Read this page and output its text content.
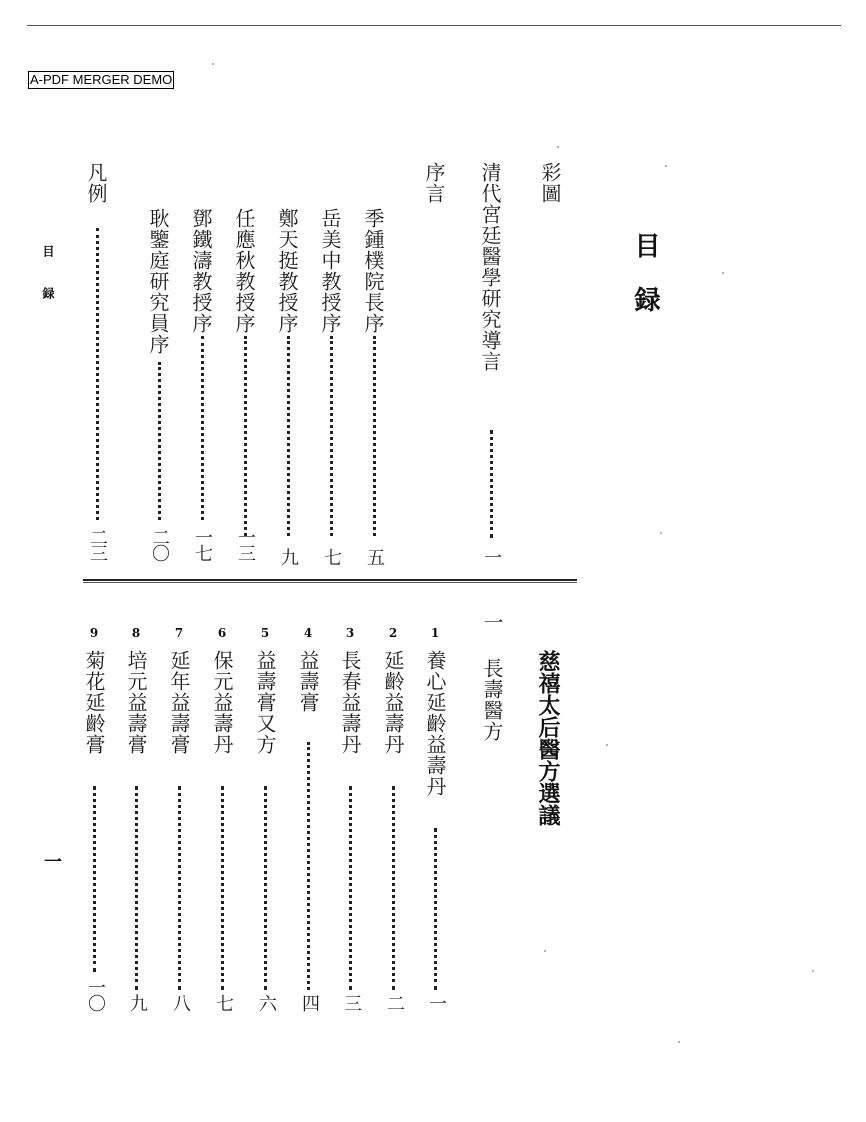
A-PDF MERGER DEMO
目録
目録
一
彩圖
清代宮廷醫學研究導言
一
序言
季鍾樸院長序
五
岳美中教授序
七
鄭天挺教授序
九
任應秋教授序
一三
鄧鐵濤教授序
一七
耿鑒庭研究員序
二〇
凡例
二三
慈禧太后醫方選議
一 長壽醫方
1
養心延齡益壽丹
一
2
延齡益壽丹
二
3
長春益壽丹
三
4
益壽膏
四
5
益壽膏又方
六
6
保元益壽丹
七
7
延年益壽膏
八
8
培元益壽膏
九
9
菊花延齡膏
一〇
